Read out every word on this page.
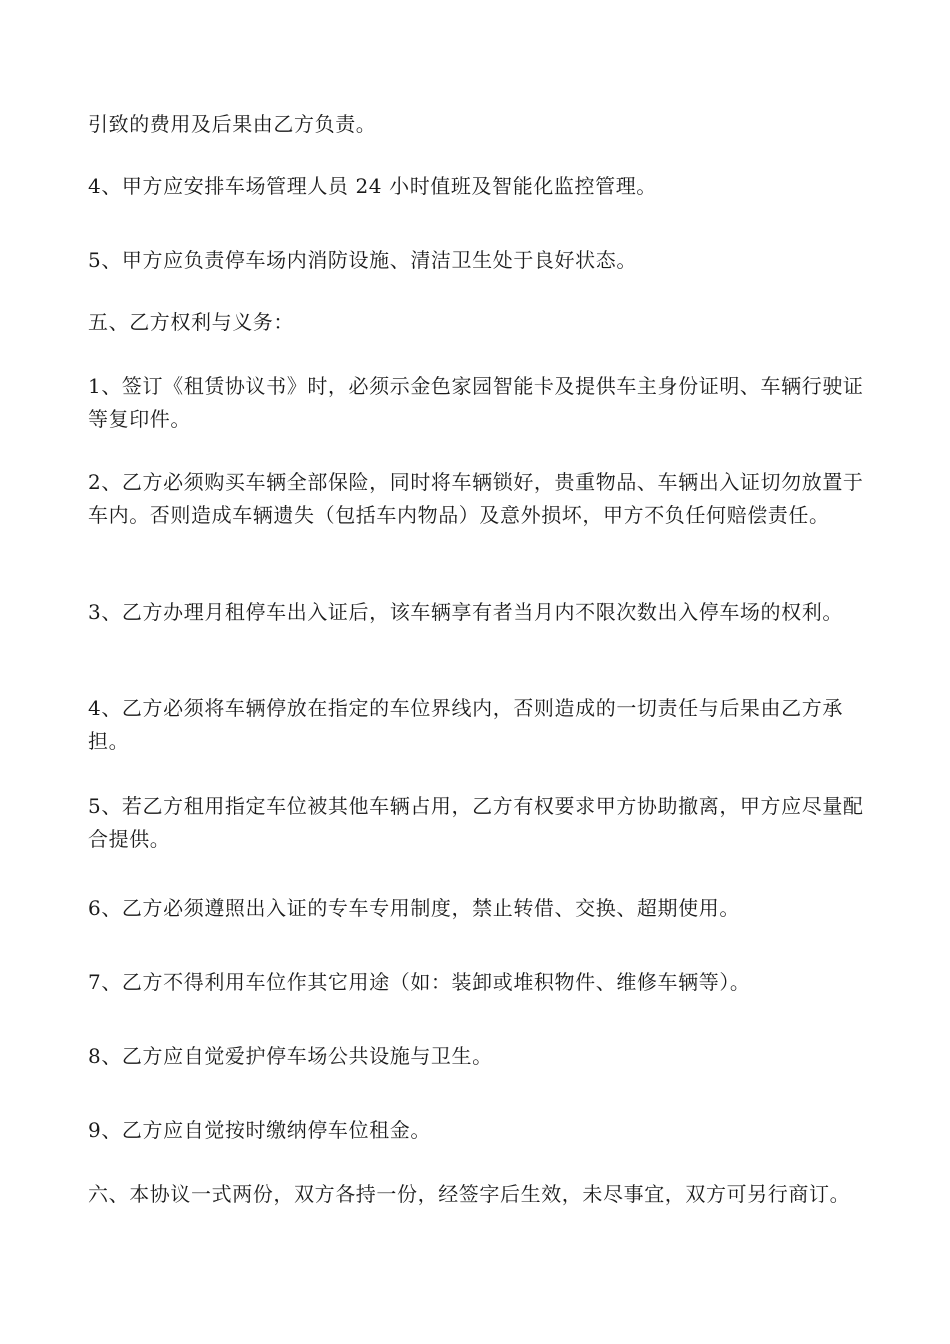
引致的费用及后果由乙方负责。

4、甲方应安排车场管理人员 24 小时值班及智能化监控管理。

5、甲方应负责停车场内消防设施、清洁卫生处于良好状态。

五、乙方权利与义务：

1、签订《租赁协议书》时，必须示金色家园智能卡及提供车主身份证明、车辆行驶证等复印件。

2、乙方必须购买车辆全部保险，同时将车辆锁好，贵重物品、车辆出入证切勿放置于车内。否则造成车辆遗失（包括车内物品）及意外损坏，甲方不负任何赔偿责任。

3、乙方办理月租停车出入证后，该车辆享有者当月内不限次数出入停车场的权利。

4、乙方必须将车辆停放在指定的车位界线内，否则造成的一切责任与后果由乙方承担。

5、若乙方租用指定车位被其他车辆占用，乙方有权要求甲方协助撤离，甲方应尽量配合提供。

6、乙方必须遵照出入证的专车专用制度，禁止转借、交换、超期使用。

7、乙方不得利用车位作其它用途（如：装卸或堆积物件、维修车辆等）。

8、乙方应自觉爱护停车场公共设施与卫生。

9、乙方应自觉按时缴纳停车位租金。

六、本协议一式两份，双方各持一份，经签字后生效，未尽事宜，双方可另行商订。
